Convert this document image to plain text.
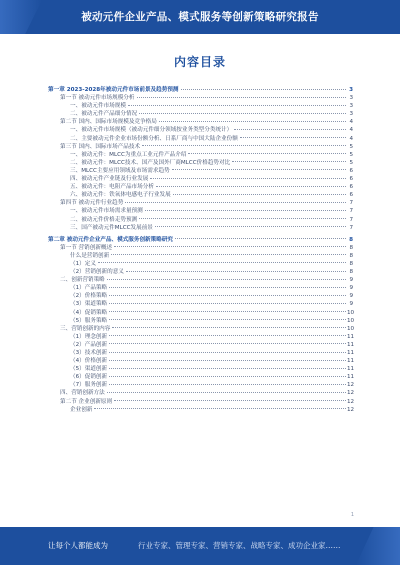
被动元件企业产品、模式服务等创新策略研究报告
内容目录
第一章 2023-2028年被动元件市场前景及趋势预测	3
第一节 被动元件市场规模分析	3
一、被动元件市场规模	3
二、被动元件产品细分情况	3
第二节 国内、国际市场规模及竞争格局	4
一、被动元件市场规模（被动元件细分领域按业务类型分类统计）	4
二、主要被动元件企业市场份额分析、日系厂商与中国大陆企业份额	4
第三节 国内、国际市场产品技术	5
一、被动元件：MLCC为重点工业元件产品介绍	5
二、被动元件：MLCC技术、国产及国外厂商MLCC价格趋势对比	5
三、MLCC主要应用领域及市场需求趋势	6
四、被动元件产业链及行业发展	6
五、被动元件：电阻产品市场分析	6
六、被动元件：铁氧体电感电子行业发展	6
第四节 被动元件行业趋势	7
一、被动元件市场需求量预测	7
二、被动元件价格走势预测	7
三、国产被动元件MLCC发展前景	7
第二章 被动元件企业产品、模式服务创新策略研究	8
第一节 营销创新概述	8
什么是营销创新	8
（1）定义	8
（2）营销创新的意义	8
二、创新营销策略	9
（1）产品策略	9
（2）价格策略	9
（3）渠道策略	9
（4）促销策略	10
（5）服务策略	10
三、营销创新的内容	10
（1）理念创新	11
（2）产品创新	11
（3）技术创新	11
（4）价格创新	11
（5）渠道创新	11
（6）促销创新	11
（7）服务创新	12
四、营销创新方法	12
第二节 企业创新原则	12
企业创新	12
1
让每个人都能成为	行业专家、管理专家、营销专家、战略专家、成功企业家……
